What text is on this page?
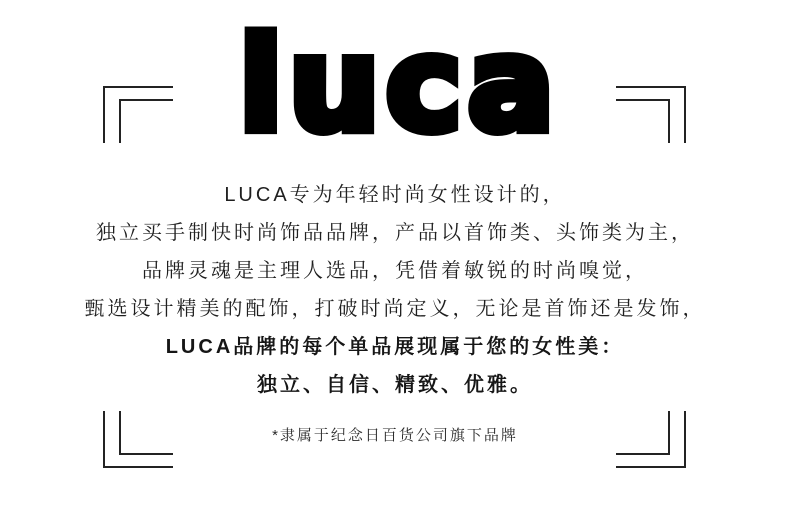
luca

LUCA专为年轻时尚女性设计的，

独立买手制快时尚饰品品牌，产品以首饰类、头饰类为主，

品牌灵魂是主理人选品，凭借着敏锐的时尚嗅觉，

甄选设计精美的配饰，打破时尚定义，无论是首饰还是发饰，

LUCA品牌的每个单品展现属于您的女性美：

独立、自信、精致、优雅。

*隶属于纪念日百货公司旗下品牌
